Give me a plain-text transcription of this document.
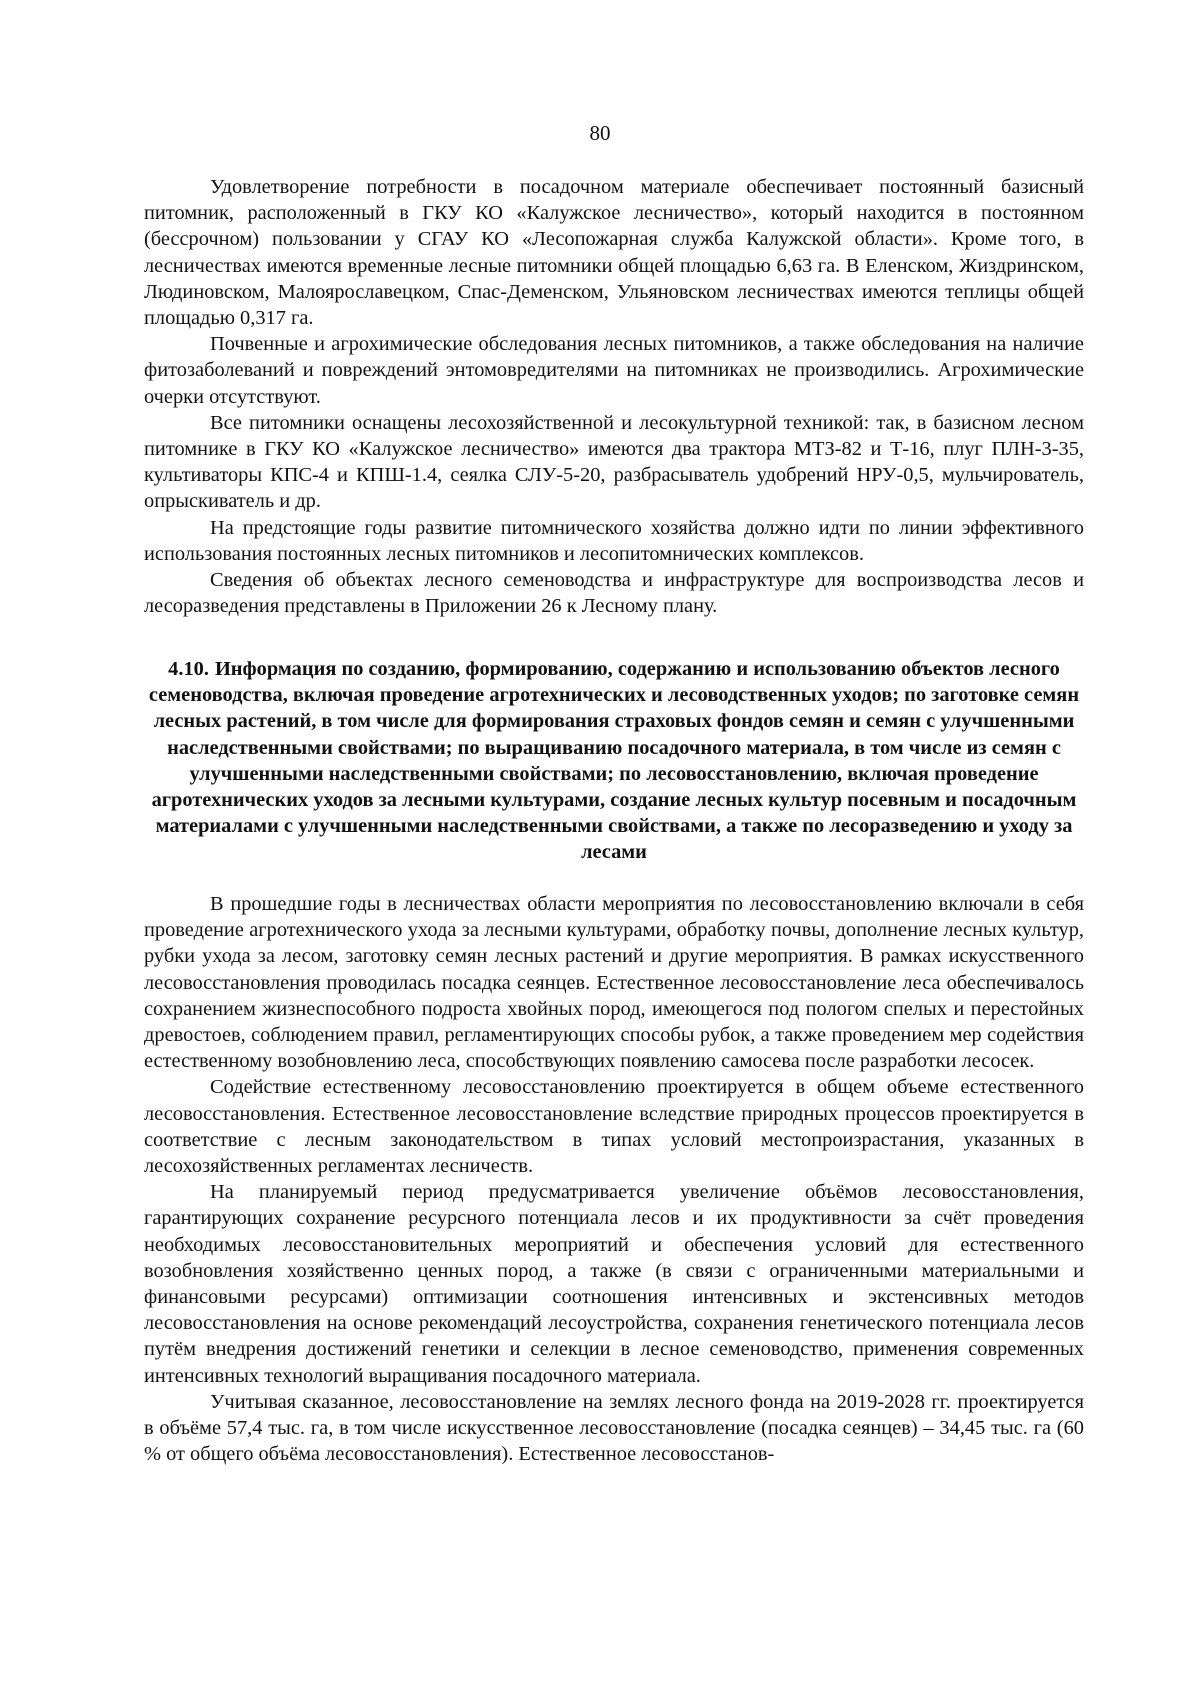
80

Удовлетворение потребности в посадочном материале обеспечивает постоянный базисный питомник, расположенный в ГКУ КО «Калужское лесничество», который находится в постоянном (бессрочном) пользовании у СГАУ КО «Лесопожарная служба Калужской области». Кроме того, в лесничествах имеются временные лесные питомники общей площадью 6,63 га. В Еленском, Жиздринском, Людиновском, Малоярославецком, Спас-Деменском, Ульяновском лесничествах имеются теплицы общей площадью 0,317 га.

Почвенные и агрохимические обследования лесных питомников, а также обследования на наличие фитозаболеваний и повреждений энтомовредителями на питомниках не производились. Агрохимические очерки отсутствуют.

Все питомники оснащены лесохозяйственной и лесокультурной техникой: так, в базисном лесном питомнике в ГКУ КО «Калужское лесничество» имеются два трактора МТЗ-82 и Т-16, плуг ПЛН-3-35, культиваторы КПС-4 и КПШ-1.4, сеялка СЛУ-5-20, разбрасыватель удобрений НРУ-0,5, мульчирователь, опрыскиватель и др.

На предстоящие годы развитие питомнического хозяйства должно идти по линии эффективного использования постоянных лесных питомников и лесопитомнических комплексов.

Сведения об объектах лесного семеноводства и инфраструктуре для воспроизводства лесов и лесоразведения представлены в Приложении 26 к Лесному плану.

4.10. Информация по созданию, формированию, содержанию и использованию объектов лесного семеноводства, включая проведение агротехнических и лесоводственных уходов; по заготовке семян лесных растений, в том числе для формирования страховых фондов семян и семян с улучшенными наследственными свойствами; по выращиванию посадочного материала, в том числе из семян с улучшенными наследственными свойствами; по лесовосстановлению, включая проведение агротехнических уходов за лесными культурами, создание лесных культур посевным и посадочным материалами с улучшенными наследственными свойствами, а также по лесоразведению и уходу за лесами

В прошедшие годы в лесничествах области мероприятия по лесовосстановлению включали в себя проведение агротехнического ухода за лесными культурами, обработку почвы, дополнение лесных культур, рубки ухода за лесом, заготовку семян лесных растений и другие мероприятия. В рамках искусственного лесовосстановления проводилась посадка сеянцев. Естественное лесовосстановление леса обеспечивалось сохранением жизнеспособного подроста хвойных пород, имеющегося под пологом спелых и перестойных древостоев, соблюдением правил, регламентирующих способы рубок, а также проведением мер содействия естественному возобновлению леса, способствующих появлению самосева после разработки лесосек.

Содействие естественному лесовосстановлению проектируется в общем объеме естественного лесовосстановления. Естественное лесовосстановление вследствие природных процессов проектируется в соответствие с лесным законодательством в типах условий местопроизрастания, указанных в лесохозяйственных регламентах лесничеств.

На планируемый период предусматривается увеличение объёмов лесовосстановления, гарантирующих сохранение ресурсного потенциала лесов и их продуктивности за счёт проведения необходимых лесовосстановительных мероприятий и обеспечения условий для естественного возобновления хозяйственно ценных пород, а также (в связи с ограниченными материальными и финансовыми ресурсами) оптимизации соотношения интенсивных и экстенсивных методов лесовосстановления на основе рекомендаций лесоустройства, сохранения генетического потенциала лесов путём внедрения достижений генетики и селекции в лесное семеноводство, применения современных интенсивных технологий выращивания посадочного материала.

Учитывая сказанное, лесовосстановление на землях лесного фонда на 2019-2028 гг. проектируется в объёме 57,4 тыс. га, в том числе искусственное лесовосстановление (посадка сеянцев) – 34,45 тыс. га (60 % от общего объёма лесовосстановления). Естественное лесовосстанов-
